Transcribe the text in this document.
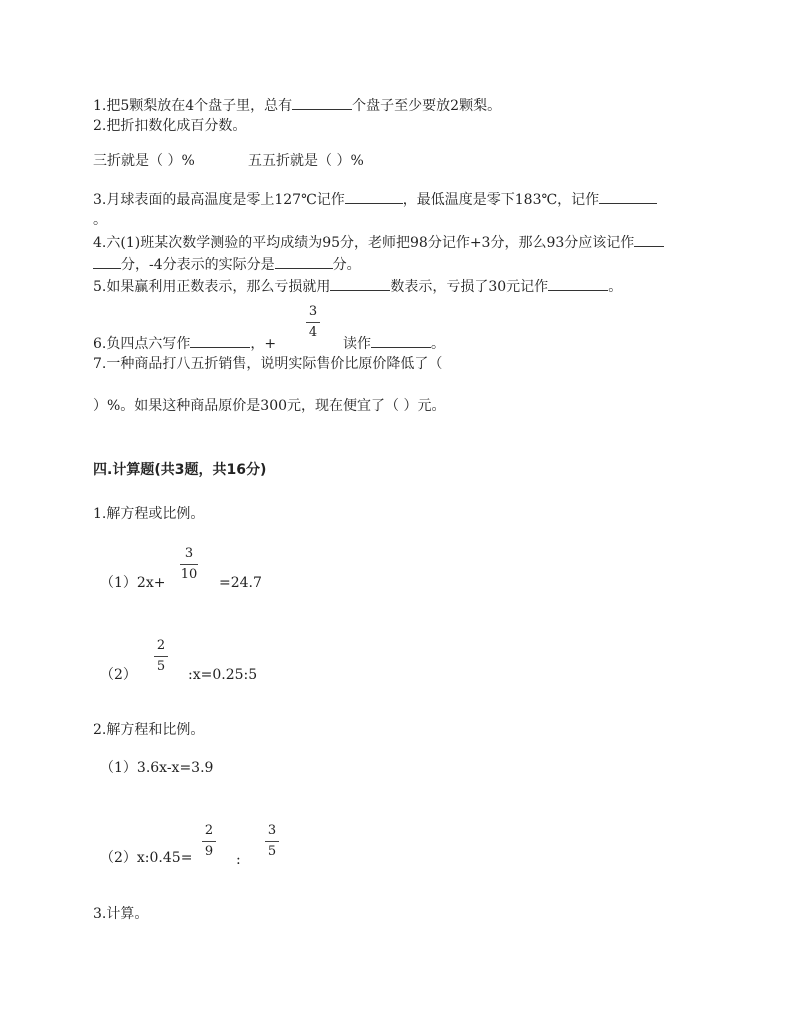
1.把5颗梨放在4个盘子里，总有	个盘子至少要放2颗梨。
2.把折扣数化成百分数。
三折就是（ ）%	五五折就是（ ）%
3.月球表面的最高温度是零上127℃记作	，最低温度是零下183℃，记作
。
4.六(1)班某次数学测验的平均成绩为95分，老师把98分记作+3分，那么93分应该记作
分，-4分表示的实际分是	分。
5.如果赢利用正数表示，那么亏损就用	数表示，亏损了30元记作	。
6.负四点六写作	，+
3
4
读作	。
7.一种商品打八五折销售，说明实际售价比原价降低了（
）%。如果这种商品原价是300元，现在便宜了（ ）元。
四.计算题(共3题，共16分)
1.解方程或比例。
（1）2x+
3
10
=24.7
（2）
2
5
:x=0.25:5
2.解方程和比例。
（1）3.6x-x=3.9
（2）x:0.45=
2
9
:
3
5
3.计算。
